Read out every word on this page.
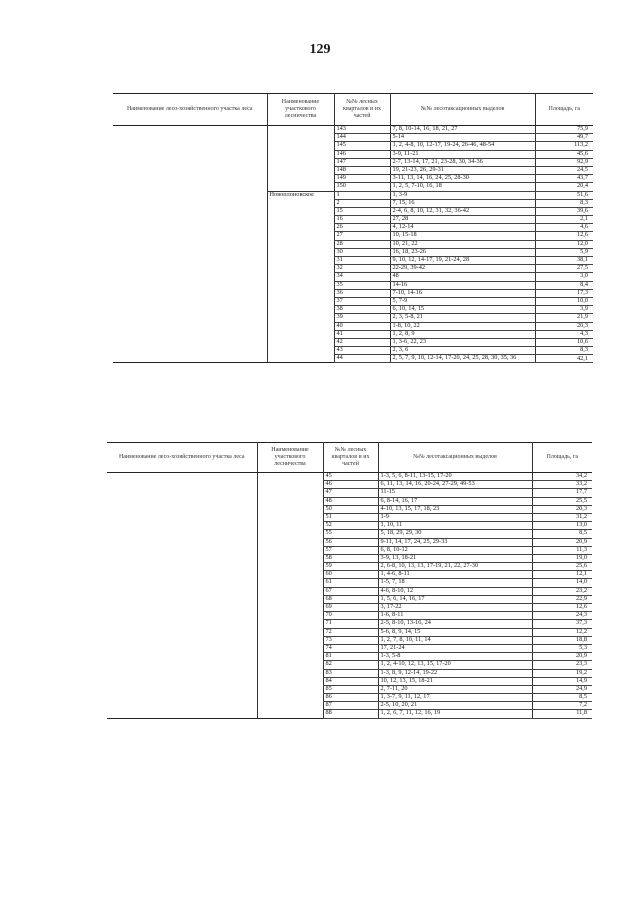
129
Наименование лесо-хозяйственного участка леса	Наименование участкового лесничества	№№ лесных кварталов и их частей	№№ лесотаксационных выделов	Площадь, га
		143	7, 8, 10-14, 16, 18, 21, 27	75,9
		144	5-14	49,7
		145	1, 2, 4-8, 10, 12-17, 19-24, 26-46, 48-54	113,2
		146	3-9, 11-21	45,6
		147	2-7, 13-14, 17, 21, 23-28, 30, 34-36	92,9
		148	19, 21-23, 26, 29-31	24,5
		149	3-11, 13, 14, 16, 24, 25, 28-30	43,7
		150	1, 2, 5, 7-10, 16, 18	20,4
	Новоплоновское	1	1, 3-9	51,6
		2	7, 15, 16	8,3
		15	2-4, 6, 8, 10, 12, 31, 32, 36-42	39,6
		16	27, 28	2,1
		26	4, 12-14	4,6
		27	10, 15-18	12,6
		28	10, 21, 22	12,0
		30	16, 18, 23-26	5,9
		31	9, 10, 12, 14-17, 19, 21-24, 28	38,1
		32	22-29, 39-42	27,5
		34	48	3,0
		35	14-16	8,4
		36	7-10, 14-16	17,3
		37	5, 7-9	10,0
		38	6, 10, 14, 15	3,9
		39	2, 3, 5-8, 21	21,9
		40	1-8, 10, 22	20,3
		41	1, 2, 8, 9	4,3
		42	1, 3-6, 22, 23	10,6
		43	2, 3, 6	8,3
		44	2, 5, 7, 9, 10, 12-14, 17-20, 24, 25, 28, 30, 35, 36	42,1
Наименование лесо-хозяйственного участка леса	Наименование участкового лесничества	№№ лесных кварталов и их частей	№№ лесотаксационных выделов	Площадь, га
		45	1-3, 5, 6, 8-11, 13-15, 17-20	34,2
		46	6, 11, 13, 14, 16, 20-24, 27-29, 49-53	33,2
		47	11-15	17,7
		48	6, 8-14, 16, 17	25,5
		50	4-10, 13, 15, 17, 18, 23	20,3
		51	1-9	31,2
		52	1, 10, 11	13,0
		55	5, 18, 29, 29, 30	8,5
		56	9-11, 14, 17, 24, 25, 29-33	20,9
		57	6, 8, 10-12	11,3
		58	3-9, 13, 18-21	19,0
		59	2, 6-8, 10, 13, 13, 17-19, 21, 22, 27-30	25,6
		60	1, 4-6, 8-11	12,1
		61	1-5, 7, 18	14,0
		67	4-6, 8-10, 12	23,2
		68	1, 5, 6, 14, 16, 17	22,9
		69	3, 17-22	12,6
		70	1-6, 8-11	24,3
		71	2-5, 8-10, 13-16, 24	37,3
		72	5-6, 8, 9, 14, 15	12,2
		73	1, 2, 7, 8, 10, 11, 14	18,8
		74	17, 21-24	5,3
		81	1-3, 5-8	20,9
		82	1, 2, 4-10, 12, 13, 15, 17-20	23,3
		83	1-3, 8, 9, 12-14, 19-22	19,2
		84	10, 12, 13, 15, 18-21	14,9
		85	2, 7-11, 20	24,9
		86	1, 3-7, 9, 11, 12, 17	8,5
		87	2-5, 10, 20, 21	7,2
		88	1, 2, 6, 7, 11, 12, 16, 19	11,8
